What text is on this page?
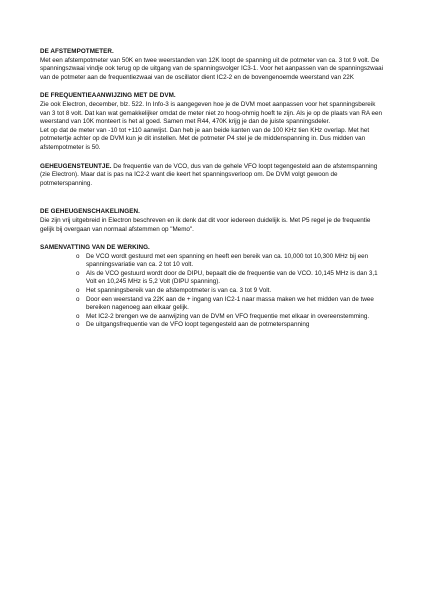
DE AFSTEMPOTMETER.

Met een afstempotmeter van 50K en twee weerstanden van 12K loopt de spanning uit de potmeter van ca. 3 tot 9 volt. De spanningszwaai vindje ook terug op de uitgang van de spanningsvolger IC3-1. Voor het aanpassen van de spanningszwaai van de potmeter aan de frequentiezwaai van de oscillator dient IC2-2 en de bovengenoemde weerstand van 22K

DE FREQUENTIEAANWIJZING MET DE DVM.

Zie ook Electron, december, blz. 522. In Info-3 is aangegeven hoe je de DVM moet aanpassen voor het spanningsbereik van 3 tot 8 volt. Dat kan wat gemakkelijker omdat de meter niet zo hoog-ohmig hoeft te zijn. Als je op de plaats van RA een weerstand van 10K monteert is het al goed. Samen met R44, 470K krijg je dan de juiste spanningsdeler.

Let op dat de meter van -10 tot +110 aanwijst. Dan heb je aan beide kanten van de 100 KHz tien KHz overlap. Met het potmetertje achter op de DVM kun je dit instellen. Met de potmeter P4 stel je de middenspanning in. Dus midden van afstempotmeter is 50.

GEHEUGENSTEUNTJE. De frequentie van de VCO, dus van de gehele VFO loopt tegengesteld aan de afstemspanning (zie Electron). Maar dat is pas na IC2-2 want die keert het spanningsverloop om. De DVM volgt gewoon de potmeterspanning.

DE GEHEUGENSCHAKELINGEN.

Die zijn vrij uitgebreid in Electron beschreven en ik denk dat dit voor iedereen duidelijk is. Met P5 regel je de frequentie gelijk bij overgaan van normaal afstemmen op "Memo".

SAMENVATTING VAN DE WERKING.
o De VCO wordt gestuurd met een spanning en heeft een bereik van ca. 10,000 tot 10,300 MHz bij een spanningsvariatie van ca. 2 tot 10 volt.
o Als de VCO gestuurd wordt door de DIPU, bepaalt die de frequentie van de VCO. 10,145 MHz is dan 3,1 Volt en 10,245 MHz is 5,2 Volt (DIPU spanning).
o Het spanningsbereik van de afstempotmeter is van ca. 3 tot 9 Volt.
o Door een weerstand va 22K aan de + ingang van IC2-1 naar massa maken we het midden van de twee bereiken nagenoeg aan elkaar gelijk.
o Met IC2-2 brengen we de aanwijzing van de DVM en VFO frequentie met elkaar in overeenstemming.
o De uitgangsfrequentie van de VFO loopt tegengesteld aan de potmeterspanning
